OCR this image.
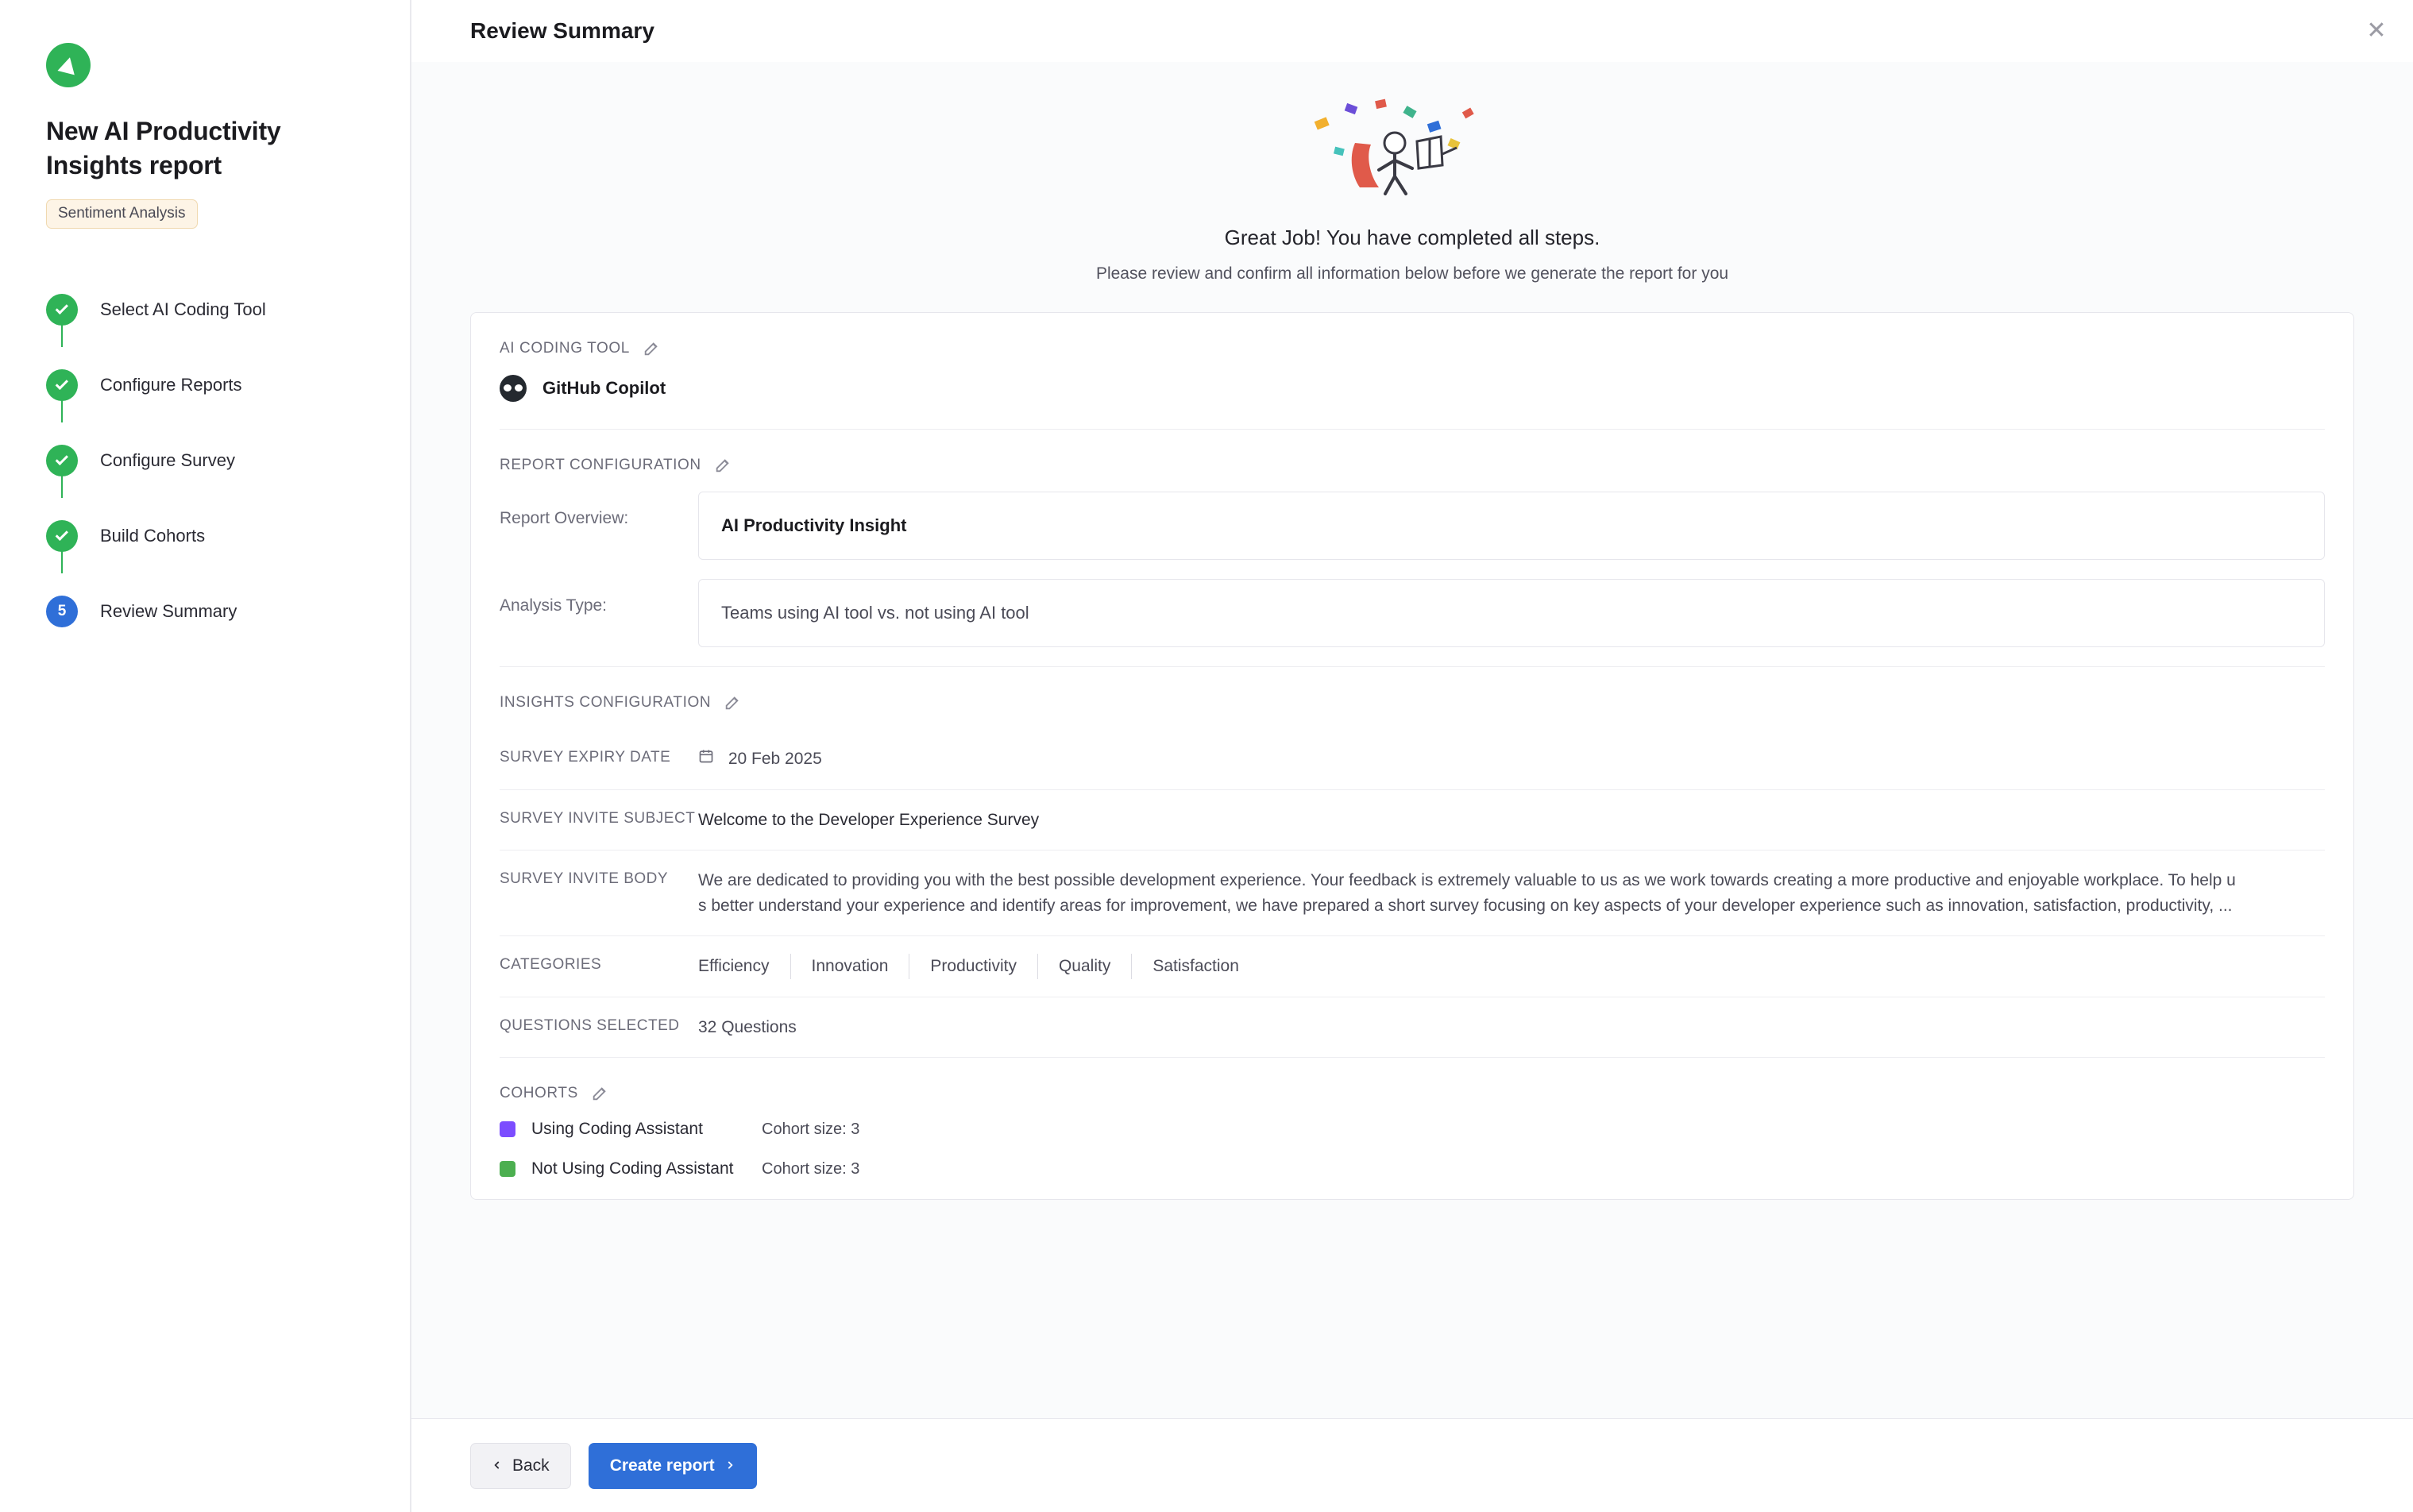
New AI Productivity Insights report
Sentiment Analysis
Select AI Coding Tool
Configure Reports
Configure Survey
Build Cohorts
5	Review Summary
Review Summary	✕
Great Job! You have completed all steps.
Please review and confirm all information below before we generate the report for you
AI CODING TOOL
GitHub Copilot
REPORT CONFIGURATION
Report Overview:	AI Productivity Insight
Analysis Type:	Teams using AI tool vs. not using AI tool
INSIGHTS CONFIGURATION
SURVEY EXPIRY DATE	20 Feb 2025
SURVEY INVITE SUBJECT Welcome to the Developer Experience Survey
SURVEY INVITE BODY	We are dedicated to providing you with the best possible development experience. Your feedback is extremely valuable to us as we work towards creating a more productive and enjoyable workplace. To help u
s better understand your experience and identify areas for improvement, we have prepared a short survey focusing on key aspects of your developer experience such as innovation, satisfaction, productivity, ...
CATEGORIES	Efficiency	Innovation	Productivity	Quality	Satisfaction
QUESTIONS SELECTED	32 Questions
COHORTS
Using Coding Assistant	Cohort size: 3
Not Using Coding Assistant	Cohort size: 3
Back	Create report
